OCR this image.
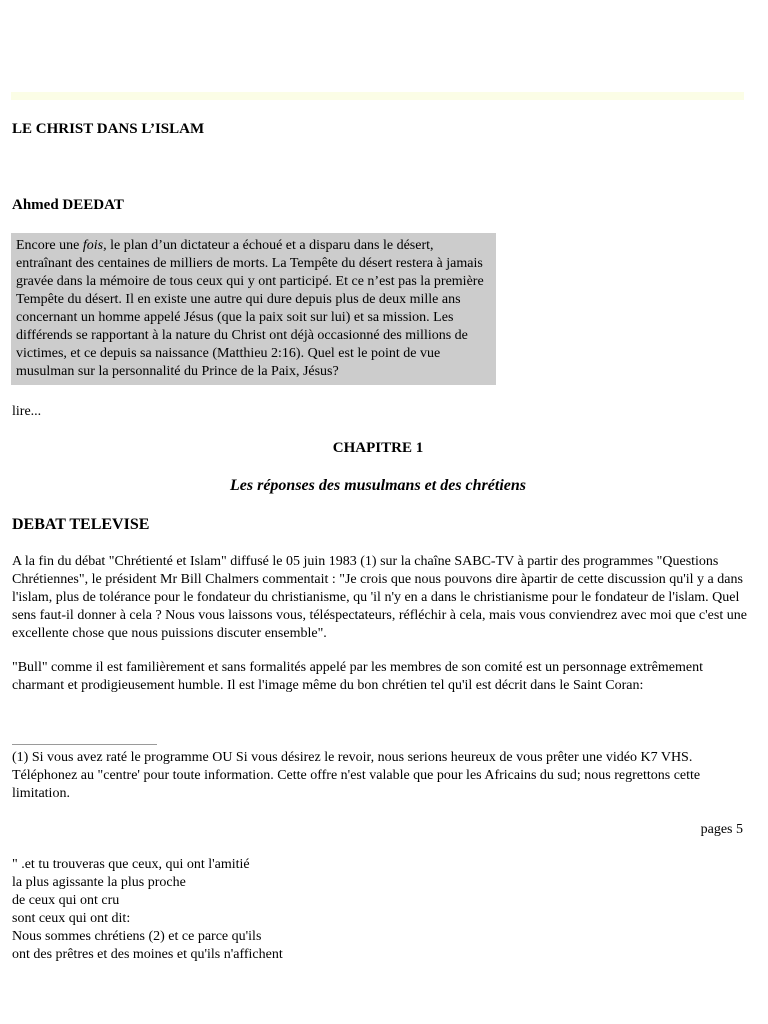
LE CHRIST DANS L’ISLAM
Ahmed DEEDAT

Encore une fois, le plan d’un dictateur a échoué et a disparu dans le désert, entraînant des centaines de milliers de morts. La Tempête du désert restera à jamais gravée dans la mémoire de tous ceux qui y ont participé. Et ce n’est pas la première Tempête du désert. Il en existe une autre qui dure depuis plus de deux mille ans concernant un homme appelé Jésus (que la paix soit sur lui) et sa mission. Les différends se rapportant à la nature du Christ ont déjà occasionné des millions de victimes, et ce depuis sa naissance (Matthieu 2:16). Quel est le point de vue musulman sur la personnalité du Prince de la Paix, Jésus?

lire...

CHAPITRE 1
Les réponses des musulmans et des chrétiens
DEBAT TELEVISE

A la fin du débat "Chrétienté et Islam" diffusé le 05 juin 1983 (1) sur la chaîne SABC-TV à partir des programmes "Questions Chrétiennes", le président Mr Bill Chalmers commentait : "Je crois que nous pouvons dire àpartir de cette discussion qu'il y a dans l'islam, plus de tolérance pour le fondateur du christianisme, qu 'il n'y en a dans le christianisme pour le fondateur de l'islam. Quel sens faut-il donner à cela ? Nous vous laissons vous, téléspectateurs, réfléchir à cela, mais vous conviendrez avec moi que c'est une excellente chose que nous puissions discuter ensemble".

"Bull" comme il est familièrement et sans formalités appelé par les membres de son comité est un personnage extrêmement charmant et prodigieusement humble. Il est l'image même du bon chrétien tel qu'il est décrit dans le Saint Coran:

(1) Si vous avez raté le programme OU Si vous désirez le revoir, nous serions heureux de vous prêter une vidéo K7 VHS. Téléphonez au "centre' pour toute information. Cette offre n'est valable que pour les Africains du sud; nous regrettons cette limitation.

pages 5

" .et tu trouveras que ceux, qui ont l'amitié
la plus agissante la plus proche
de ceux qui ont cru
sont ceux qui ont dit:
Nous sommes chrétiens (2) et ce parce qu'ils
ont des prêtres et des moines et qu'ils n'affichent
